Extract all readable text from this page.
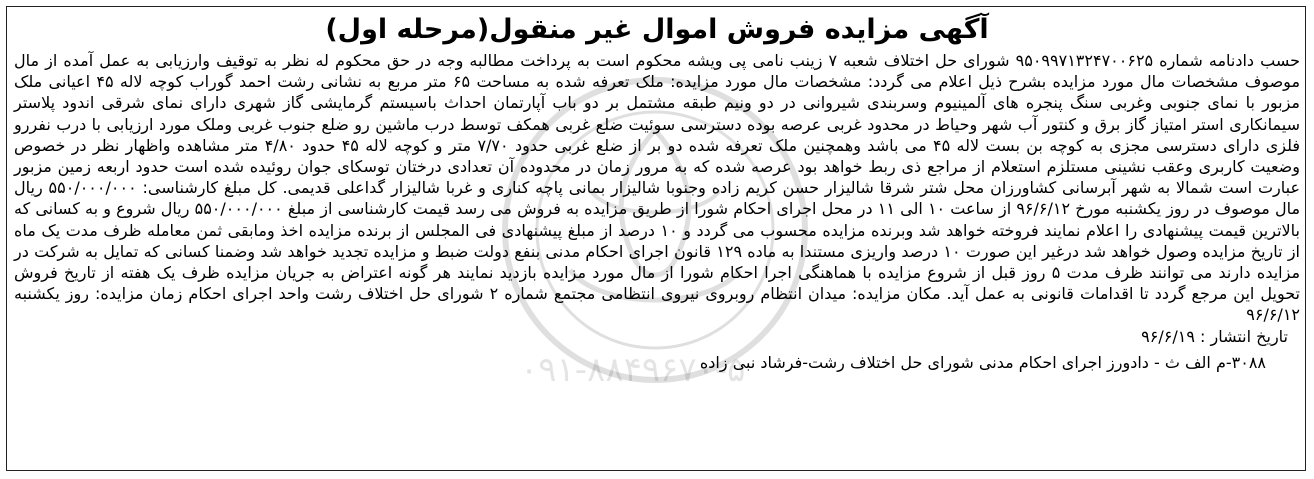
۰۹۱-۸۸۴۹۶۷۰-۵
آگهی مزایده فروش اموال غیر منقول(مرحله اول)

حسب دادنامه شماره ۹۵۰۹۹۷۱۳۲۴۷۰۰۶۲۵ شورای حل اختلاف شعبه ۷ زینب نامی پی ویشه محکوم است به پرداخت مطالبه وجه در حق محکوم له نظر به توقیف وارزیابی به عمل آمده از مال موصوف مشخصات مال مورد مزایده بشرح ذیل اعلام می گردد: مشخصات مال مورد مزایده: ملک تعرفه شده به مساحت ۶۵ متر مربع به نشانی رشت احمد گوراب کوچه لاله ۴۵ اعیانی ملک مزبور با نمای جنوبی وغربی سنگ پنجره های آلمینیوم وسربندی شیروانی در دو ونیم طبقه مشتمل بر دو باب آپارتمان احداث باسیستم گرمایشی گاز شهری دارای نمای شرقی اندود پلاستر سیمانکاری استر امتیاز گاز برق و کنتور آب شهر وحیاط در محدود غربی عرصه بوده دسترسی سوئیت ضلع غربی همکف توسط درب ماشین رو ضلع جنوب غربی وملک مورد ارزیابی با درب نفررو فلزی دارای دسترسی مجزی به کوچه بن بست لاله ۴۵ می باشد وهمچنین ملک تعرفه شده دو بر از ضلع غربی حدود ۷/۷۰ متر و کوچه لاله ۴۵ حدود ۴/۸۰ متر مشاهده واظهار نظر در خصوص وضعیت کاربری وعقب نشینی مستلزم استعلام از مراجع ذی ربط خواهد بود عرصه شده که به مرور زمان در محدوده آن تعدادی درختان توسکای جوان روئیده شده است حدود اربعه زمین مزبور عبارت است شمالا به شهر آبرسانی کشاورزان محل شتر شرقا شالیزار حسن کریم زاده وجنوبا شالیزار بمانی پاچه کناری و غربا شالیزار گداعلی قدیمی. کل مبلغ کارشناسی: ۵۵۰/۰۰۰/۰۰۰ ریال مال موصوف در روز یکشنبه مورخ ۹۶/۶/۱۲ از ساعت ۱۰ الی ۱۱ در محل اجرای احکام شورا از طریق مزایده به فروش می رسد قیمت کارشناسی از مبلغ ۵۵۰/۰۰۰/۰۰۰ ریال شروع و به کسانی که بالاترین قیمت پیشنهادی را اعلام نمایند فروخته خواهد شد وبرنده مزایده محسوب می گردد و ۱۰ درصد از مبلغ پیشنهادی فی المجلس از برنده مزایده اخذ ومابقی ثمن معامله ظرف مدت یک ماه از تاریخ مزایده وصول خواهد شد درغیر این صورت ۱۰ درصد واریزی مستندا به ماده ۱۲۹ قانون اجرای احکام مدنی بنفع دولت ضبط و مزایده تجدید خواهد شد وضمنا کسانی که تمایل به شرکت در مزایده دارند می توانند ظرف مدت ۵ روز قبل از شروع مزایده با هماهنگی اجرا احکام شورا از مال مورد مزایده بازدید نمایند هر گونه اعتراض به جریان مزایده ظرف یک هفته از تاریخ فروش تحویل این مرجع گردد تا اقدامات قانونی به عمل آید. مکان مزایده: میدان انتظام روبروی نیروی انتظامی مجتمع شماره ۲ شورای حل اختلاف رشت واحد اجرای احکام زمان مزایده: روز یکشنبه ۹۶/۶/۱۲

تاریخ انتشار : ۹۶/۶/۱۹

۳۰۸۸-م الف ث - دادورز اجرای احکام مدنی شورای حل اختلاف رشت-فرشاد نبی زاده
